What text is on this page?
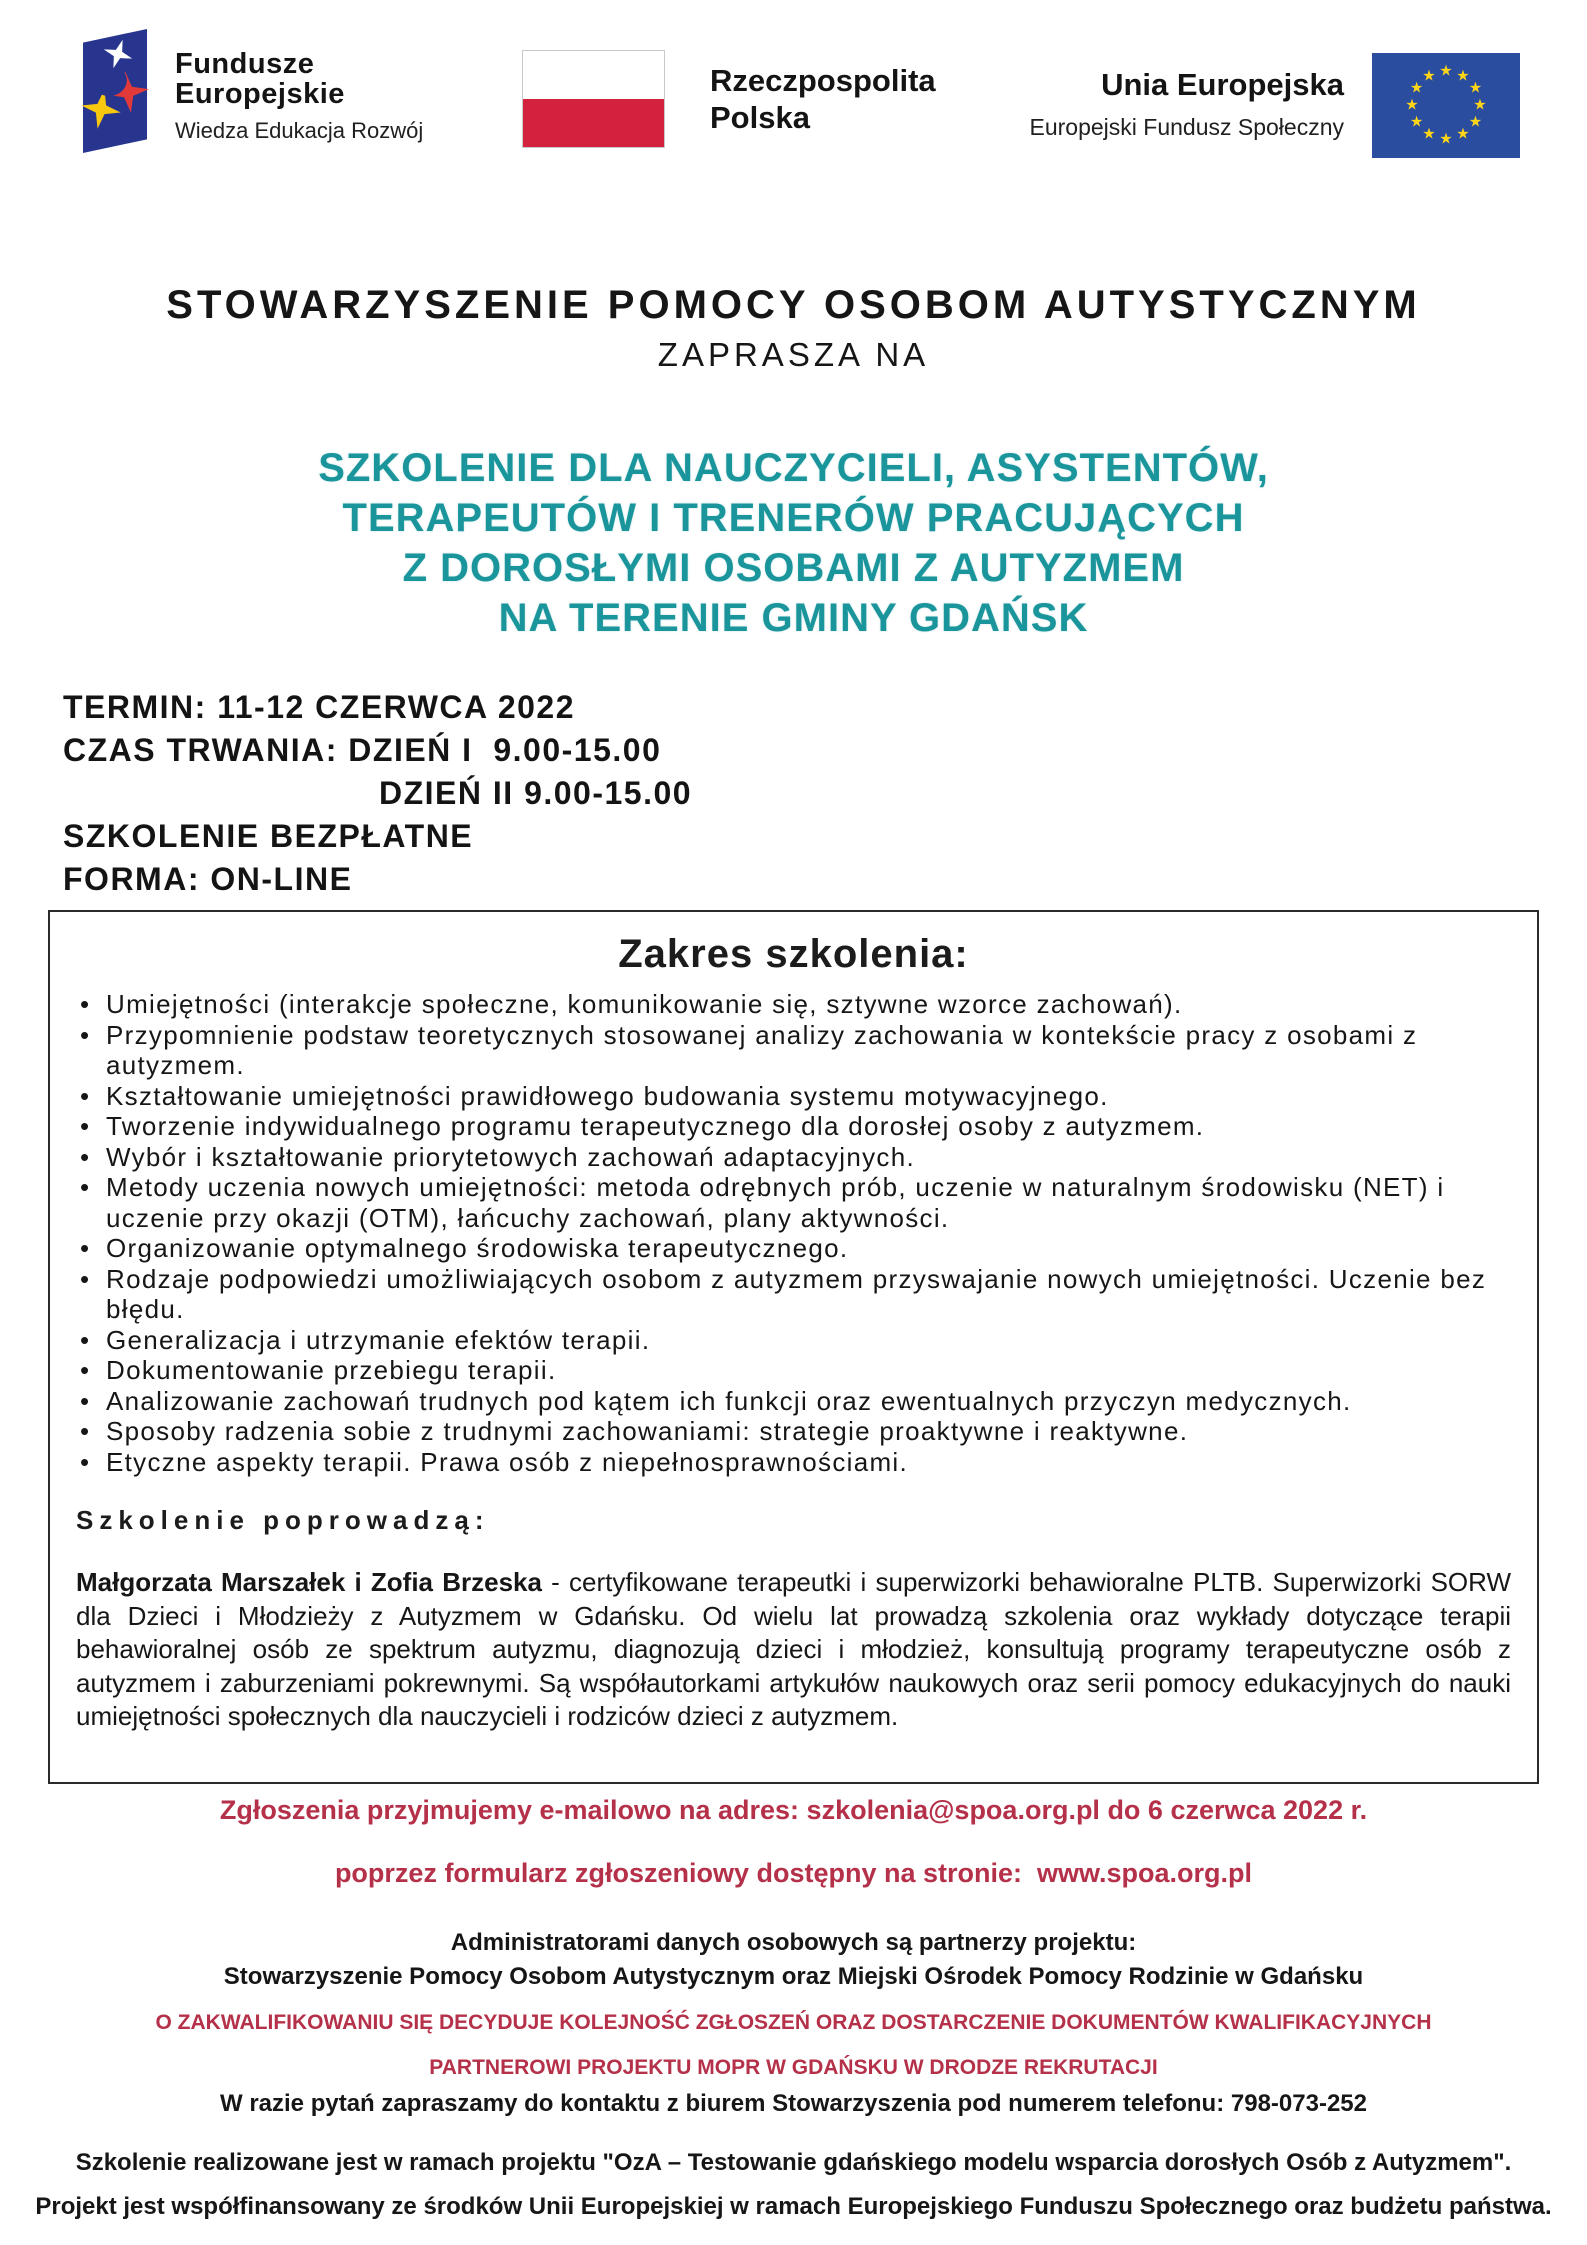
Fundusze
Europejskie
Wiedza Edukacja Rozwój
Rzeczpospolita
Polska
Unia Europejska
Europejski Fundusz Społeczny
★ ★
★
★
★
★
★
★
★
★
★
★
STOWARZYSZENIE POMOCY OSOBOM AUTYSTYCZNYM
ZAPRASZA NA
SZKOLENIE DLA NAUCZYCIELI, ASYSTENTÓW,
TERAPEUTÓW I TRENERÓW PRACUJĄCYCH
Z DOROSŁYMI OSOBAMI Z AUTYZMEM
NA TERENIE GMINY GDAŃSK
TERMIN: 11-12 CZERWCA 2022
CZAS TRWANIA: DZIEŃ I  9.00-15.00
DZIEŃ II 9.00-15.00
SZKOLENIE BEZPŁATNE
FORMA: ON-LINE
Zakres szkolenia:
• Umiejętności (interakcje społeczne, komunikowanie się, sztywne wzorce zachowań).
• Przypomnienie podstaw teoretycznych stosowanej analizy zachowania w kontekście pracy z osobami z autyzmem.
• Kształtowanie umiejętności prawidłowego budowania systemu motywacyjnego.
• Tworzenie indywidualnego programu terapeutycznego dla dorosłej osoby z autyzmem.
• Wybór i kształtowanie priorytetowych zachowań adaptacyjnych.
• Metody uczenia nowych umiejętności: metoda odrębnych prób, uczenie w naturalnym środowisku (NET) i uczenie przy okazji (OTM), łańcuchy zachowań, plany aktywności.
• Organizowanie optymalnego środowiska terapeutycznego.
• Rodzaje podpowiedzi umożliwiających osobom z autyzmem przyswajanie nowych umiejętności. Uczenie bez błędu.
• Generalizacja i utrzymanie efektów terapii.
• Dokumentowanie przebiegu terapii.
• Analizowanie zachowań trudnych pod kątem ich funkcji oraz ewentualnych przyczyn medycznych.
• Sposoby radzenia sobie z trudnymi zachowaniami: strategie proaktywne i reaktywne.
• Etyczne aspekty terapii. Prawa osób z niepełnosprawnościami.
Szkolenie poprowadzą:

Małgorzata Marszałek i Zofia Brzeska - certyfikowane terapeutki i superwizorki behawioralne PLTB. Superwizorki SORW dla Dzieci i Młodzieży z Autyzmem w Gdańsku. Od wielu lat prowadzą szkolenia oraz wykłady dotyczące terapii behawioralnej osób ze spektrum autyzmu, diagnozują dzieci i młodzież, konsultują programy terapeutyczne osób z autyzmem i zaburzeniami pokrewnymi. Są współautorkami artykułów naukowych oraz serii pomocy edukacyjnych do nauki umiejętności społecznych dla nauczycieli i rodziców dzieci z autyzmem.

Zgłoszenia przyjmujemy e-mailowo na adres: szkolenia@spoa.org.pl do 6 czerwca 2022 r.
poprzez formularz zgłoszeniowy dostępny na stronie:  www.spoa.org.pl
Administratorami danych osobowych są partnerzy projektu:
Stowarzyszenie Pomocy Osobom Autystycznym oraz Miejski Ośrodek Pomocy Rodzinie w Gdańsku
O ZAKWALIFIKOWANIU SIĘ DECYDUJE KOLEJNOŚĆ ZGŁOSZEŃ ORAZ DOSTARCZENIE DOKUMENTÓW KWALIFIKACYJNYCH
PARTNEROWI PROJEKTU MOPR W GDAŃSKU W DRODZE REKRUTACJI
W razie pytań zapraszamy do kontaktu z biurem Stowarzyszenia pod numerem telefonu: 798-073-252
Szkolenie realizowane jest w ramach projektu "OzA – Testowanie gdańskiego modelu wsparcia dorosłych Osób z Autyzmem".
Projekt jest współfinansowany ze środków Unii Europejskiej w ramach Europejskiego Funduszu Społecznego oraz budżetu państwa.
